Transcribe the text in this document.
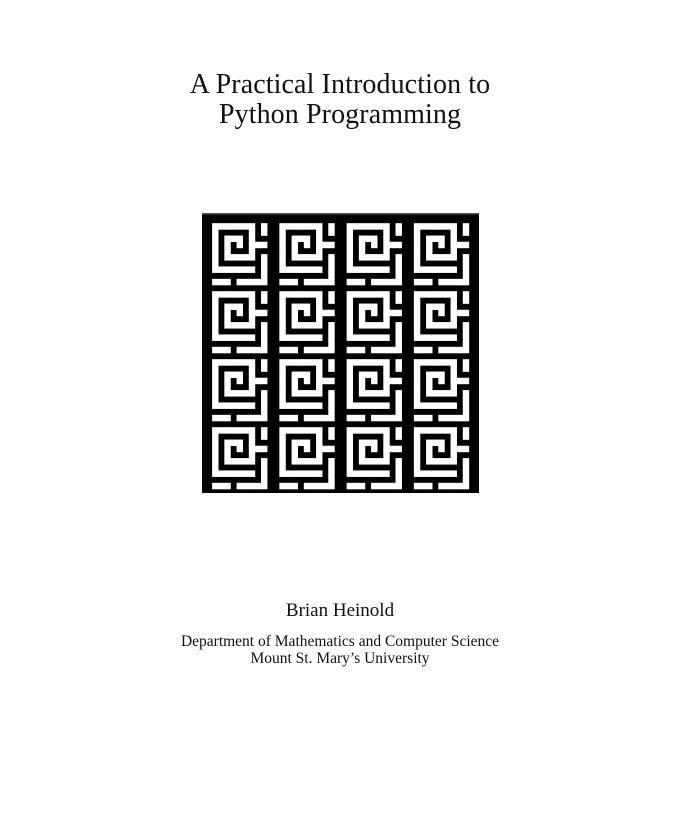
A Practical Introduction to
Python Programming
Brian Heinold
Department of Mathematics and Computer Science
Mount St. Mary’s University
